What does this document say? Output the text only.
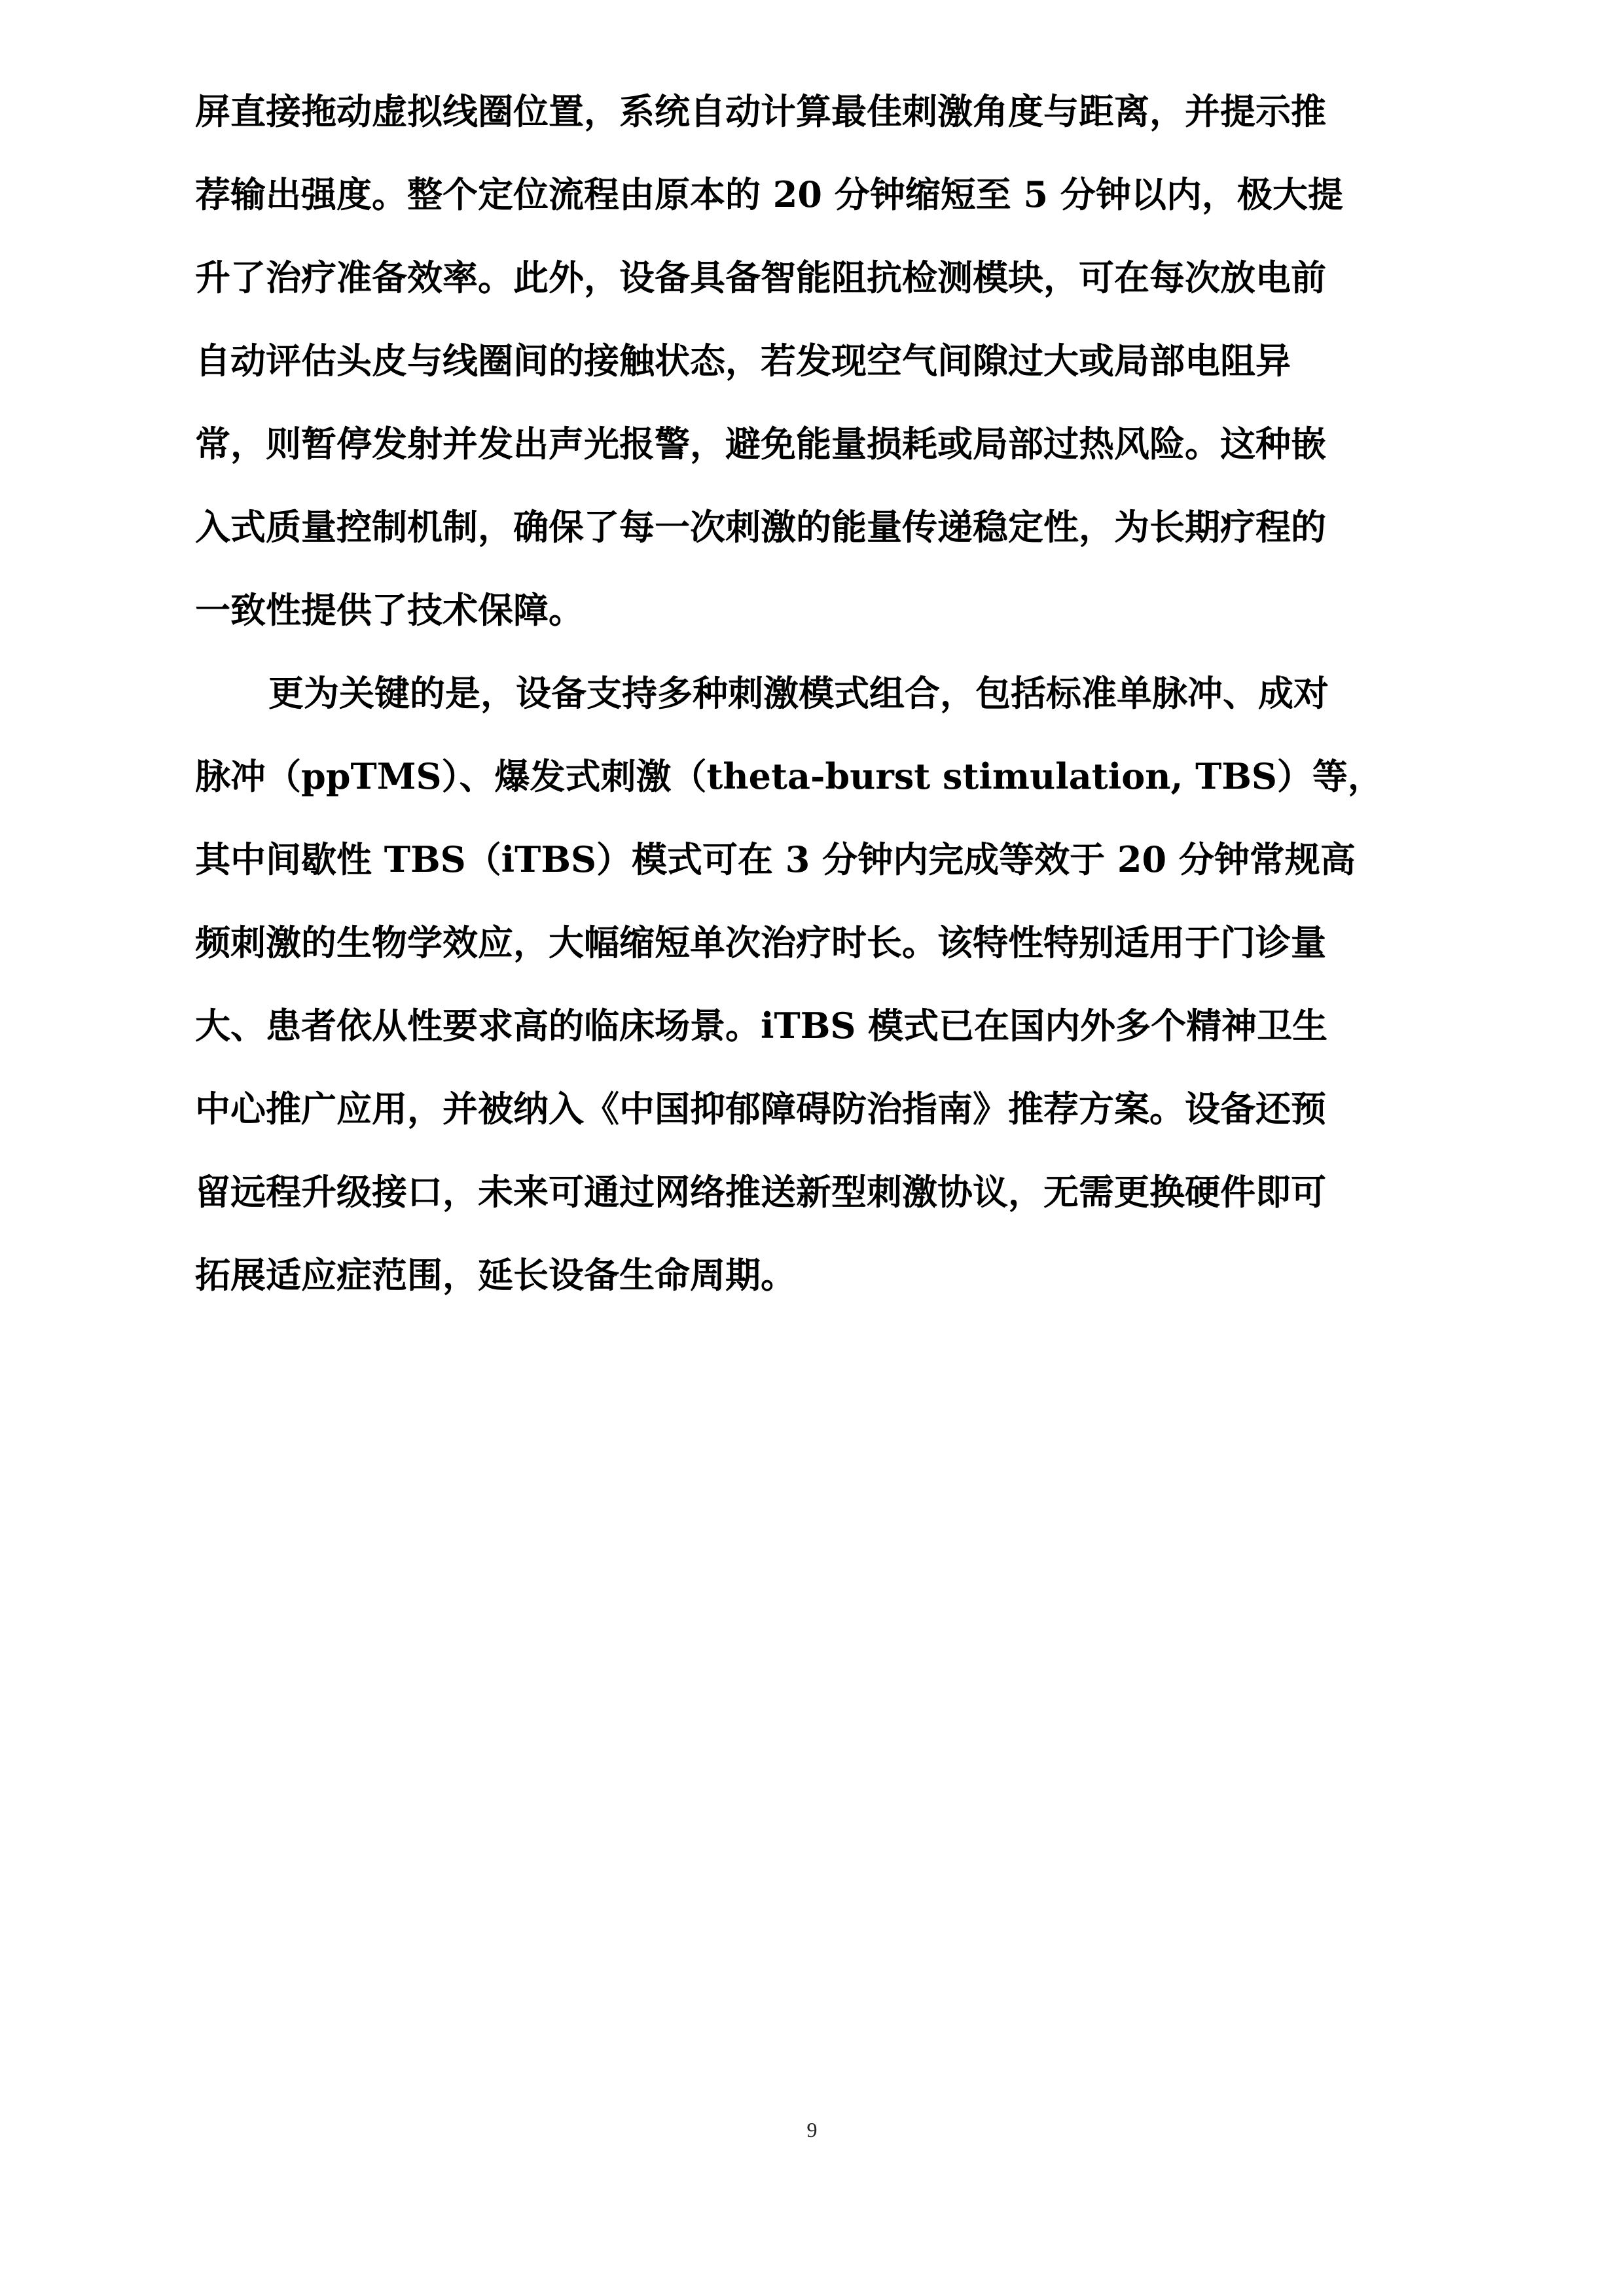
屏直接拖动虚拟线圈位置，系统自动计算最佳刺激角度与距离，并提示推
荐输出强度。整个定位流程由原本的 20 分钟缩短至 5 分钟以内，极大提
升了治疗准备效率。此外，设备具备智能阻抗检测模块，可在每次放电前
自动评估头皮与线圈间的接触状态，若发现空气间隙过大或局部电阻异
常，则暂停发射并发出声光报警，避免能量损耗或局部过热风险。这种嵌
入式质量控制机制，确保了每一次刺激的能量传递稳定性，为长期疗程的
一致性提供了技术保障。
更为关键的是，设备支持多种刺激模式组合，包括标准单脉冲、成对
脉冲（ppTMS）、爆发式刺激（theta-burst stimulation, TBS）等，
其中间歇性 TBS（iTBS）模式可在 3 分钟内完成等效于 20 分钟常规高
频刺激的生物学效应，大幅缩短单次治疗时长。该特性特别适用于门诊量
大、患者依从性要求高的临床场景。iTBS 模式已在国内外多个精神卫生
中心推广应用，并被纳入《中国抑郁障碍防治指南》推荐方案。设备还预
留远程升级接口，未来可通过网络推送新型刺激协议，无需更换硬件即可
拓展适应症范围，延长设备生命周期。
9
